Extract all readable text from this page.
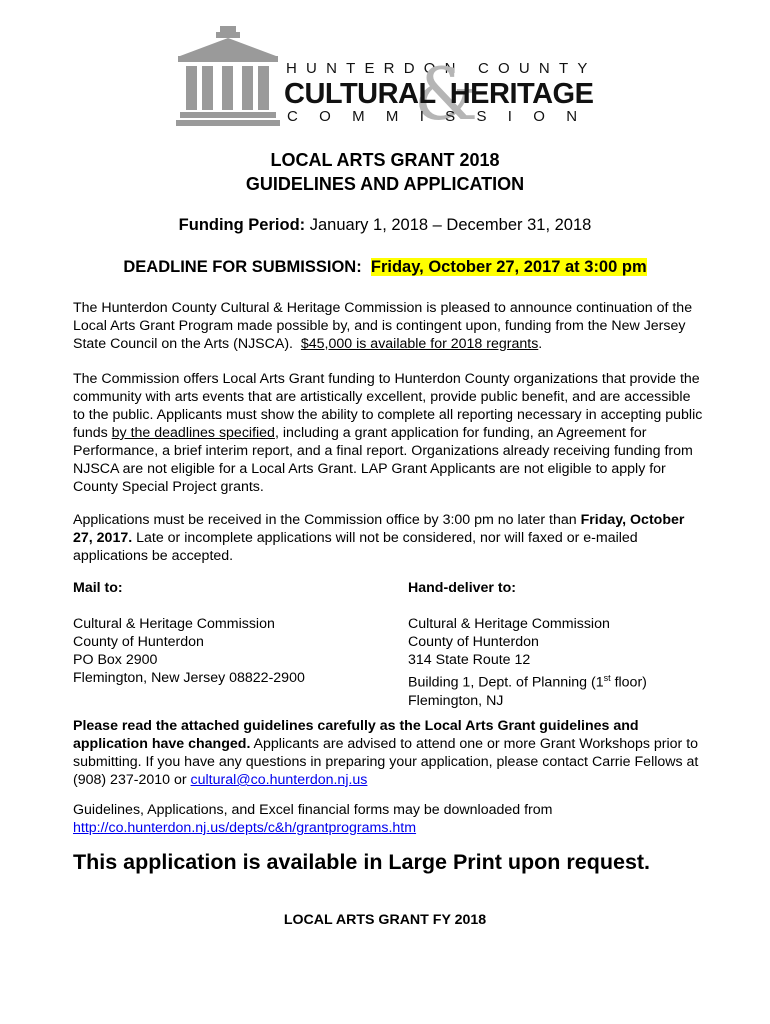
HUNTERDON COUNTY
&
CULTURAL HERITAGE
COMMISSION
LOCAL ARTS GRANT 2018
GUIDELINES AND APPLICATION
Funding Period: January 1, 2018 – December 31, 2018
DEADLINE FOR SUBMISSION: Friday, October 27, 2017 at 3:00 pm
The Hunterdon County Cultural & Heritage Commission is pleased to announce continuation of the Local Arts Grant Program made possible by, and is contingent upon, funding from the New Jersey State Council on the Arts (NJSCA). $45,000 is available for 2018 regrants.
The Commission offers Local Arts Grant funding to Hunterdon County organizations that provide the community with arts events that are artistically excellent, provide public benefit, and are accessible to the public. Applicants must show the ability to complete all reporting necessary in accepting public funds by the deadlines specified, including a grant application for funding, an Agreement for Performance, a brief interim report, and a final report. Organizations already receiving funding from NJSCA are not eligible for a Local Arts Grant. LAP Grant Applicants are not eligible to apply for County Special Project grants.
Applications must be received in the Commission office by 3:00 pm no later than Friday, October 27, 2017. Late or incomplete applications will not be considered, nor will faxed or e-mailed applications be accepted.
Mail to:
Cultural & Heritage Commission
County of Hunterdon
PO Box 2900
Flemington, New Jersey 08822-2900
Hand-deliver to:
Cultural & Heritage Commission
County of Hunterdon
314 State Route 12
Building 1, Dept. of Planning (1st floor)
Flemington, NJ
Please read the attached guidelines carefully as the Local Arts Grant guidelines and application have changed. Applicants are advised to attend one or more Grant Workshops prior to submitting. If you have any questions in preparing your application, please contact Carrie Fellows at (908) 237-2010 or cultural@co.hunterdon.nj.us
Guidelines, Applications, and Excel financial forms may be downloaded from
http://co.hunterdon.nj.us/depts/c&h/grantprograms.htm
This application is available in Large Print upon request.
LOCAL ARTS GRANT FY 2018
